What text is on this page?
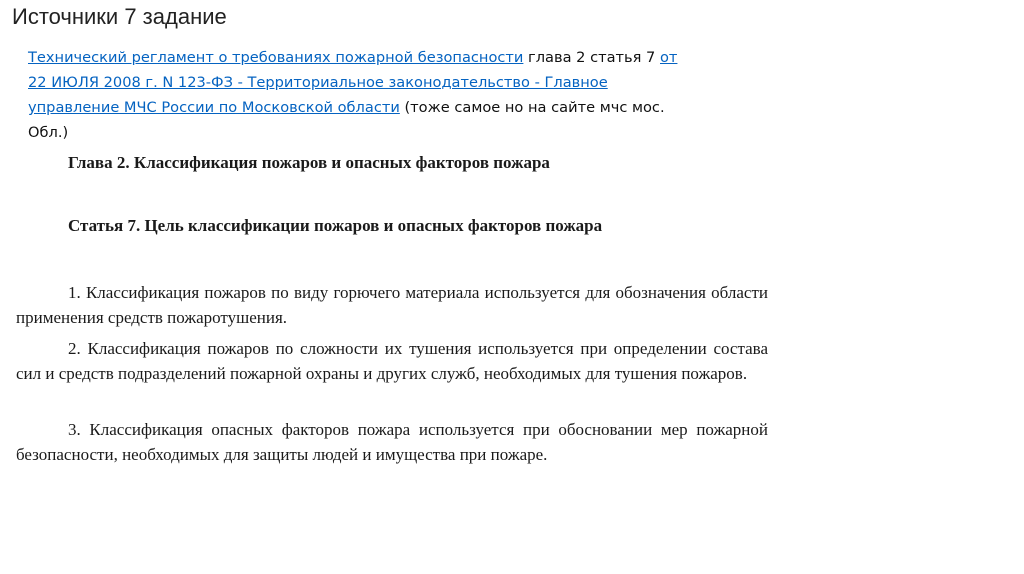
Источники 7 задание
Технический регламент о требованиях пожарной безопасности глава 2 статья 7 от 22 ИЮЛЯ 2008 г. N 123-ФЗ - Территориальное законодательство - Главное управление МЧС России по Московской области (тоже самое но на сайте мчс мос. Обл.)
Глава 2. Классификация пожаров и опасных факторов пожара
Статья 7. Цель классификации пожаров и опасных факторов пожара
1. Классификация пожаров по виду горючего материала используется для обозначения области применения средств пожаротушения.
2. Классификация пожаров по сложности их тушения используется при определении состава сил и средств подразделений пожарной охраны и других служб, необходимых для тушения пожаров.
3. Классификация опасных факторов пожара используется при обосновании мер пожарной безопасности, необходимых для защиты людей и имущества при пожаре.
